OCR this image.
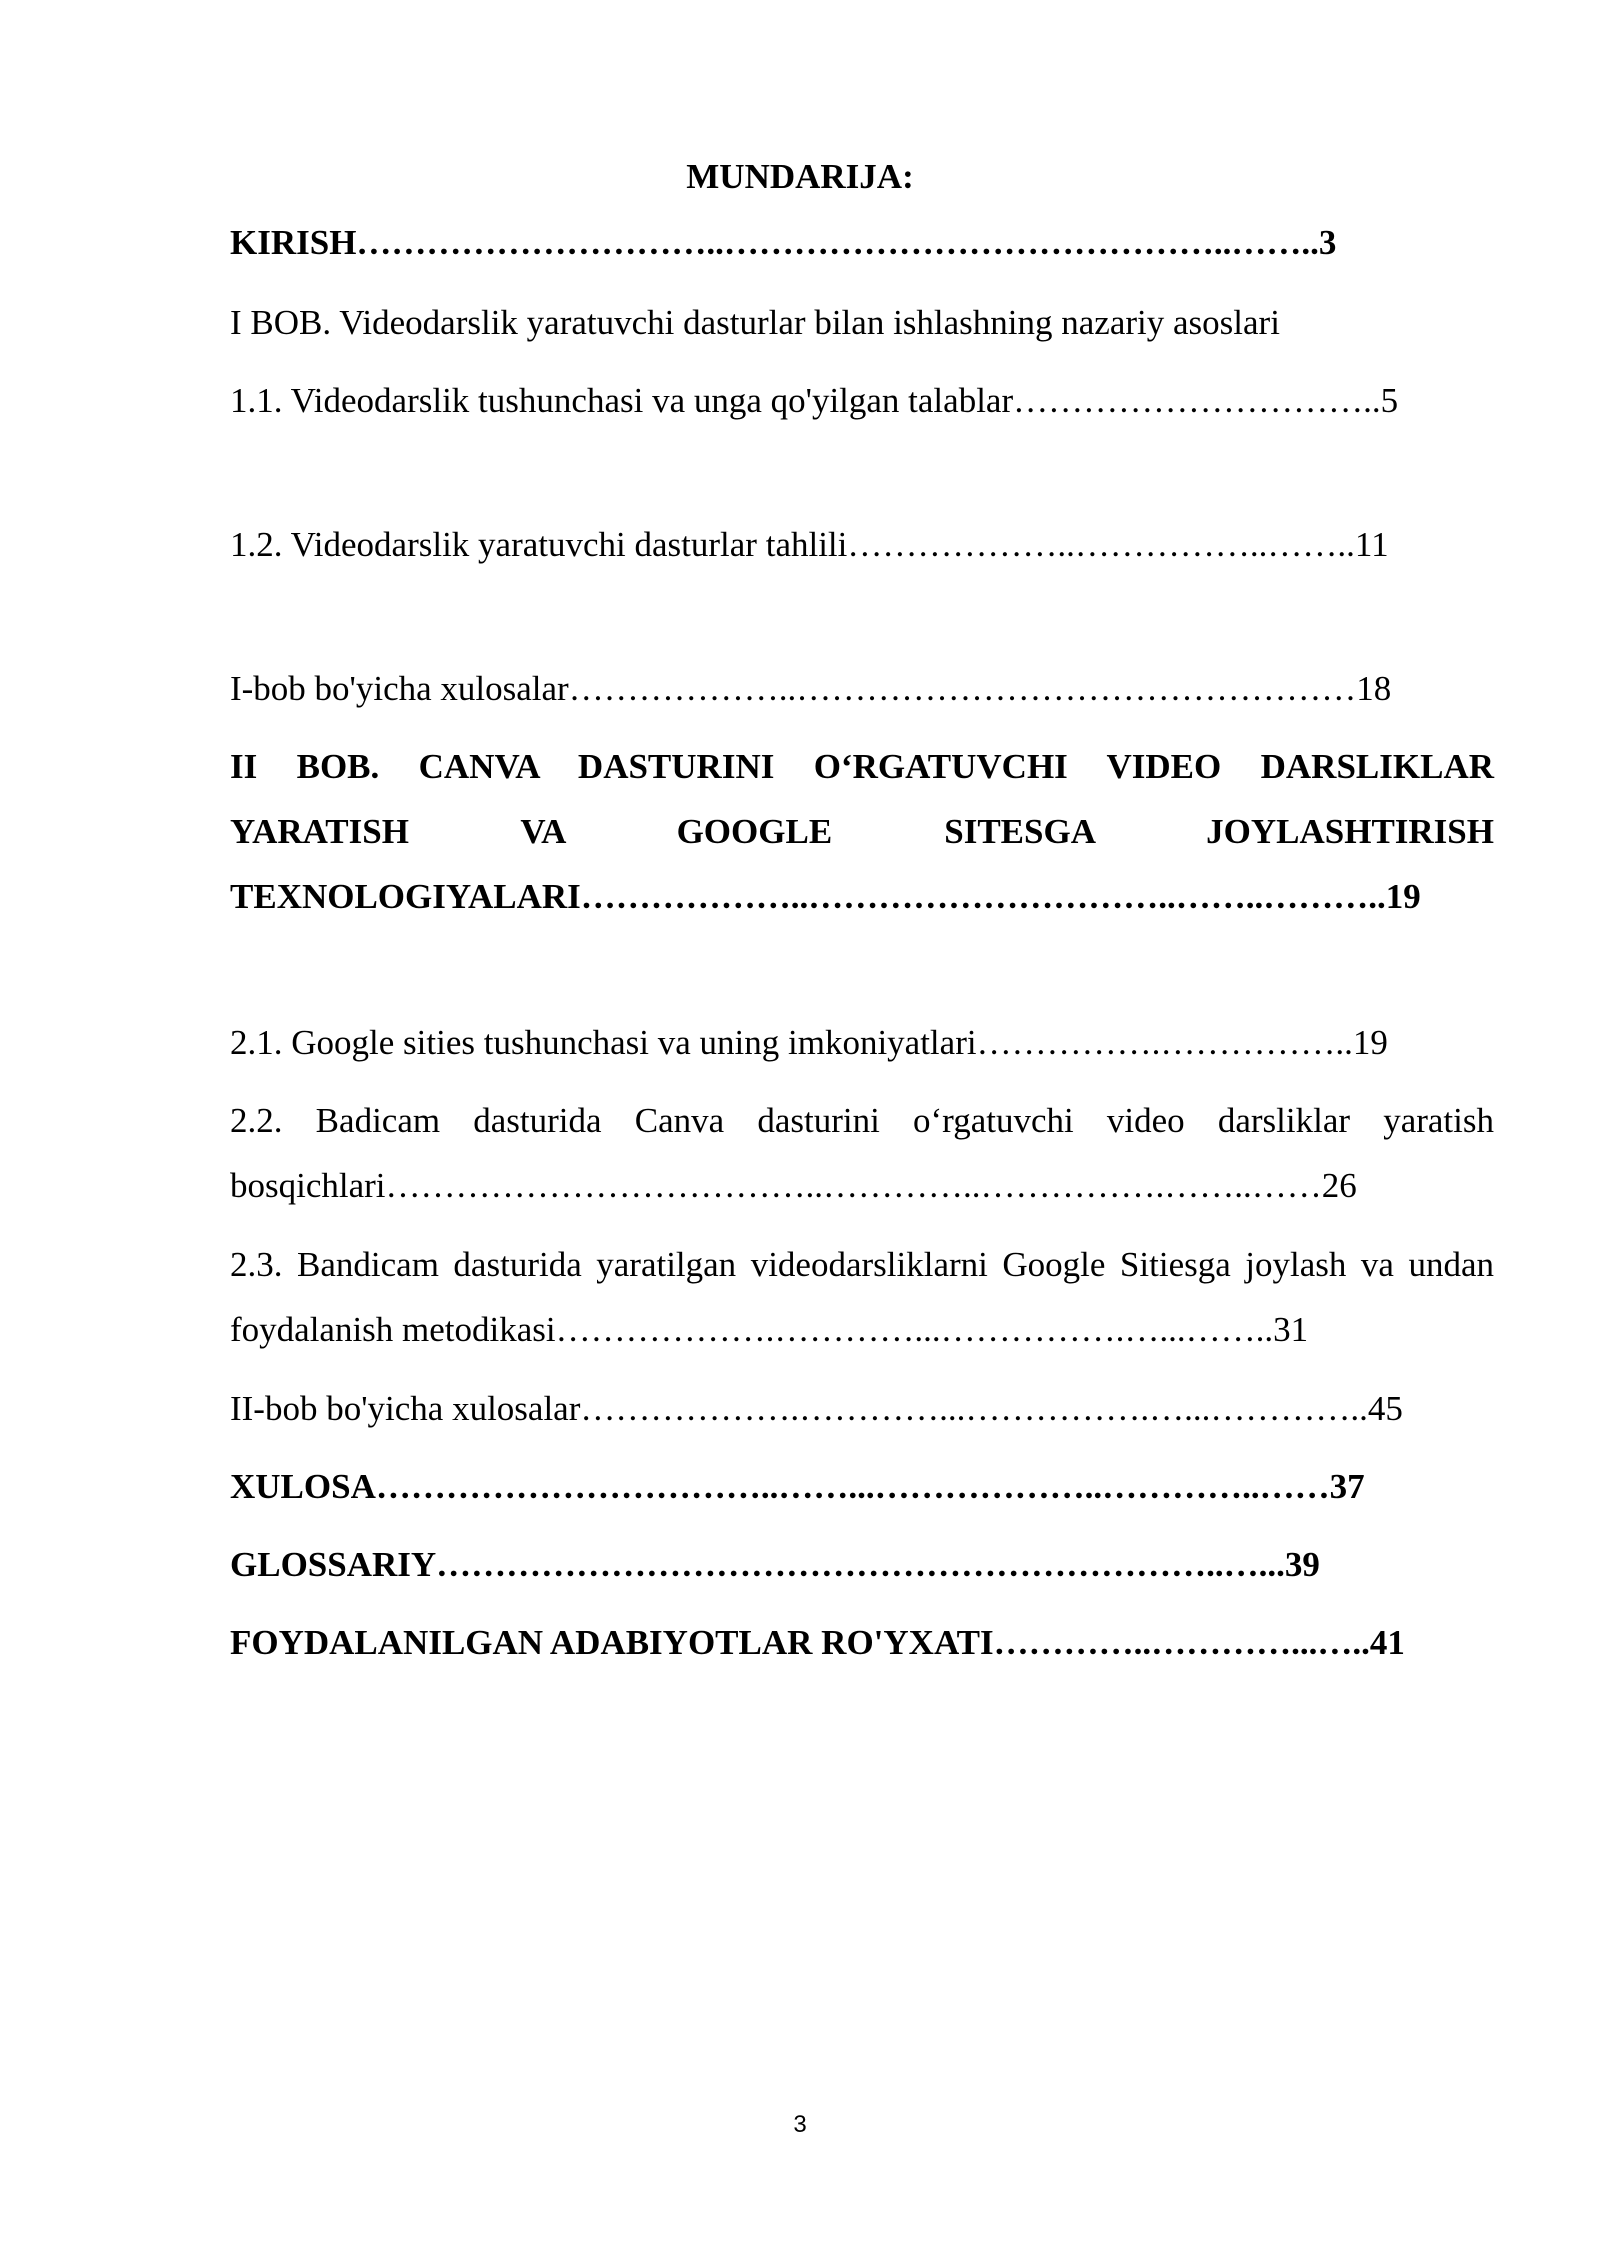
MUNDARIJA:
KIRISH…………………………..……………………………………..……..3
I BOB. Videodarslik yaratuvchi dasturlar bilan ishlashning nazariy asoslari
1.1. Videodarslik tushunchasi va unga qo'yilgan talablar…………………………..5
1.2. Videodarslik yaratuvchi dasturlar tahlili………………..……………..……..11
I-bob bo'yicha xulosalar………………..…………………………………………18
II BOB. CANVA DASTURINI O‘RGATUVCHI VIDEO DARSLIKLAR YARATISH VA GOOGLE SITESGA JOYLASHTIRISH TEXNOLOGIYALARI………………..…………………………..……..………..19
2.1. Google sities tushunchasi va uning imkoniyatlari…………….……………..19
2.2. Badicam dasturida Canva dasturini o‘rgatuvchi video darsliklar yaratish bosqichlari………………………………..…………..…………….……..……26
2.3. Bandicam dasturida yaratilgan videodarsliklarni Google Sitiesga joylash va undan foydalanish metodikasi……………….…………...…………….…...……..31
II-bob bo'yicha xulosalar……………….…………...…………….…...…………..45
XULOSA……………………………..……...………………..…………..……37
GLOSSARIY…………………………………………………………..…...39
FOYDALANILGAN ADABIYOTLAR RO'YXATI…………..…………...…..41
3
